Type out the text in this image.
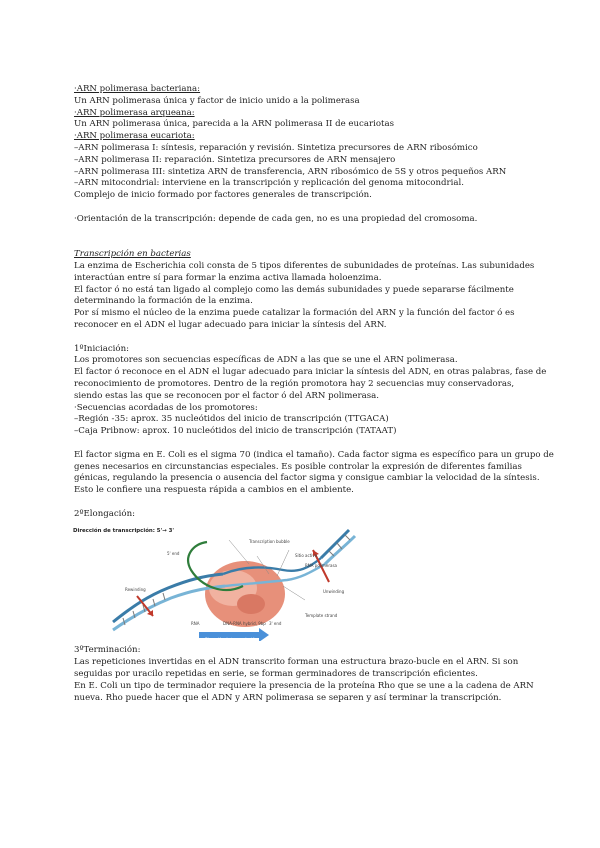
·ARN polimerasa bacteriana:
Un ARN polimerasa única y factor de inicio unido a la polimerasa
·ARN polimerasa arqueana:
Un ARN polimerasa única, parecida a la ARN polimerasa II de eucariotas
·ARN polimerasa eucariota:
–ARN polimerasa I: síntesis, reparación y revisión. Sintetiza precursores de ARN ribosómico
–ARN polimerasa II: reparación. Sintetiza precursores de ARN mensajero
–ARN polimerasa III: sintetiza ARN de transferencia, ARN ribosómico de 5S y otros pequeños ARN
–ARN mitocondrial: interviene en la transcripción y replicación del genoma mitocondrial.
Complejo de inicio formado por factores generales de transcripción.
·Orientación de la transcripción: depende de cada gen, no es una propiedad del cromosoma.
Transcripción en bacterias
La enzima de Escherichia coli consta de 5 tipos diferentes de subunidades de proteínas. Las subunidades
interactúan entre sí para formar la enzima activa llamada holoenzima.
El factor ó no está tan ligado al complejo como las demás subunidades y puede separarse fácilmente
determinando la formación de la enzima.
Por sí mismo el núcleo de la enzima puede catalizar la formación del ARN y la función del factor ó es
reconocer en el ADN el lugar adecuado para iniciar la síntesis del ARN.
1ºIniciación:
Los promotores son secuencias específicas de ADN a las que se une el ARN polimerasa.
El factor ó reconoce en el ADN el lugar adecuado para iniciar la síntesis del ADN, en otras palabras, fase de
reconocimiento de promotores. Dentro de la región promotora hay 2 secuencias muy conservadoras,
siendo estas las que se reconocen por el factor ó del ARN polimerasa.
·Secuencias acordadas de los promotores:
–Región -35: aprox. 35 nucleótidos del inicio de transcripción (TTGACA)
–Caja Pribnow: aprox. 10 nucleótidos del inicio de transcripción (TATAAT)
El factor sigma en E. Coli es el sigma 70 (indica el tamaño). Cada factor sigma es específico para un grupo de
genes necesarios en circunstancias especiales. Es posible controlar la expresión de diferentes familias
génicas, regulando la presencia o ausencia del factor sigma y consigue cambiar la velocidad de la síntesis.
Esto le confiere una respuesta rápida a cambios en el ambiente.
2ºElongación:
Dirección de transcripción: 5'→ 3'
Transcription bubble
Sitio activo
RNA polimerasa
Rewinding	Unwinding
5' end
Template strand
RNA	DNA-RNA hybrid, 9bp 3' end
Dirección de transcripción
3ºTerminación:
Las repeticiones invertidas en el ADN transcrito forman una estructura brazo-bucle en el ARN. Si son
seguidas por uracilo repetidas en serie, se forman germinadores de transcripción eficientes.
En E. Coli un tipo de terminador requiere la presencia de la proteína Rho que se une a la cadena de ARN
nueva. Rho puede hacer que el ADN y ARN polimerasa se separen y así terminar la transcripción.
